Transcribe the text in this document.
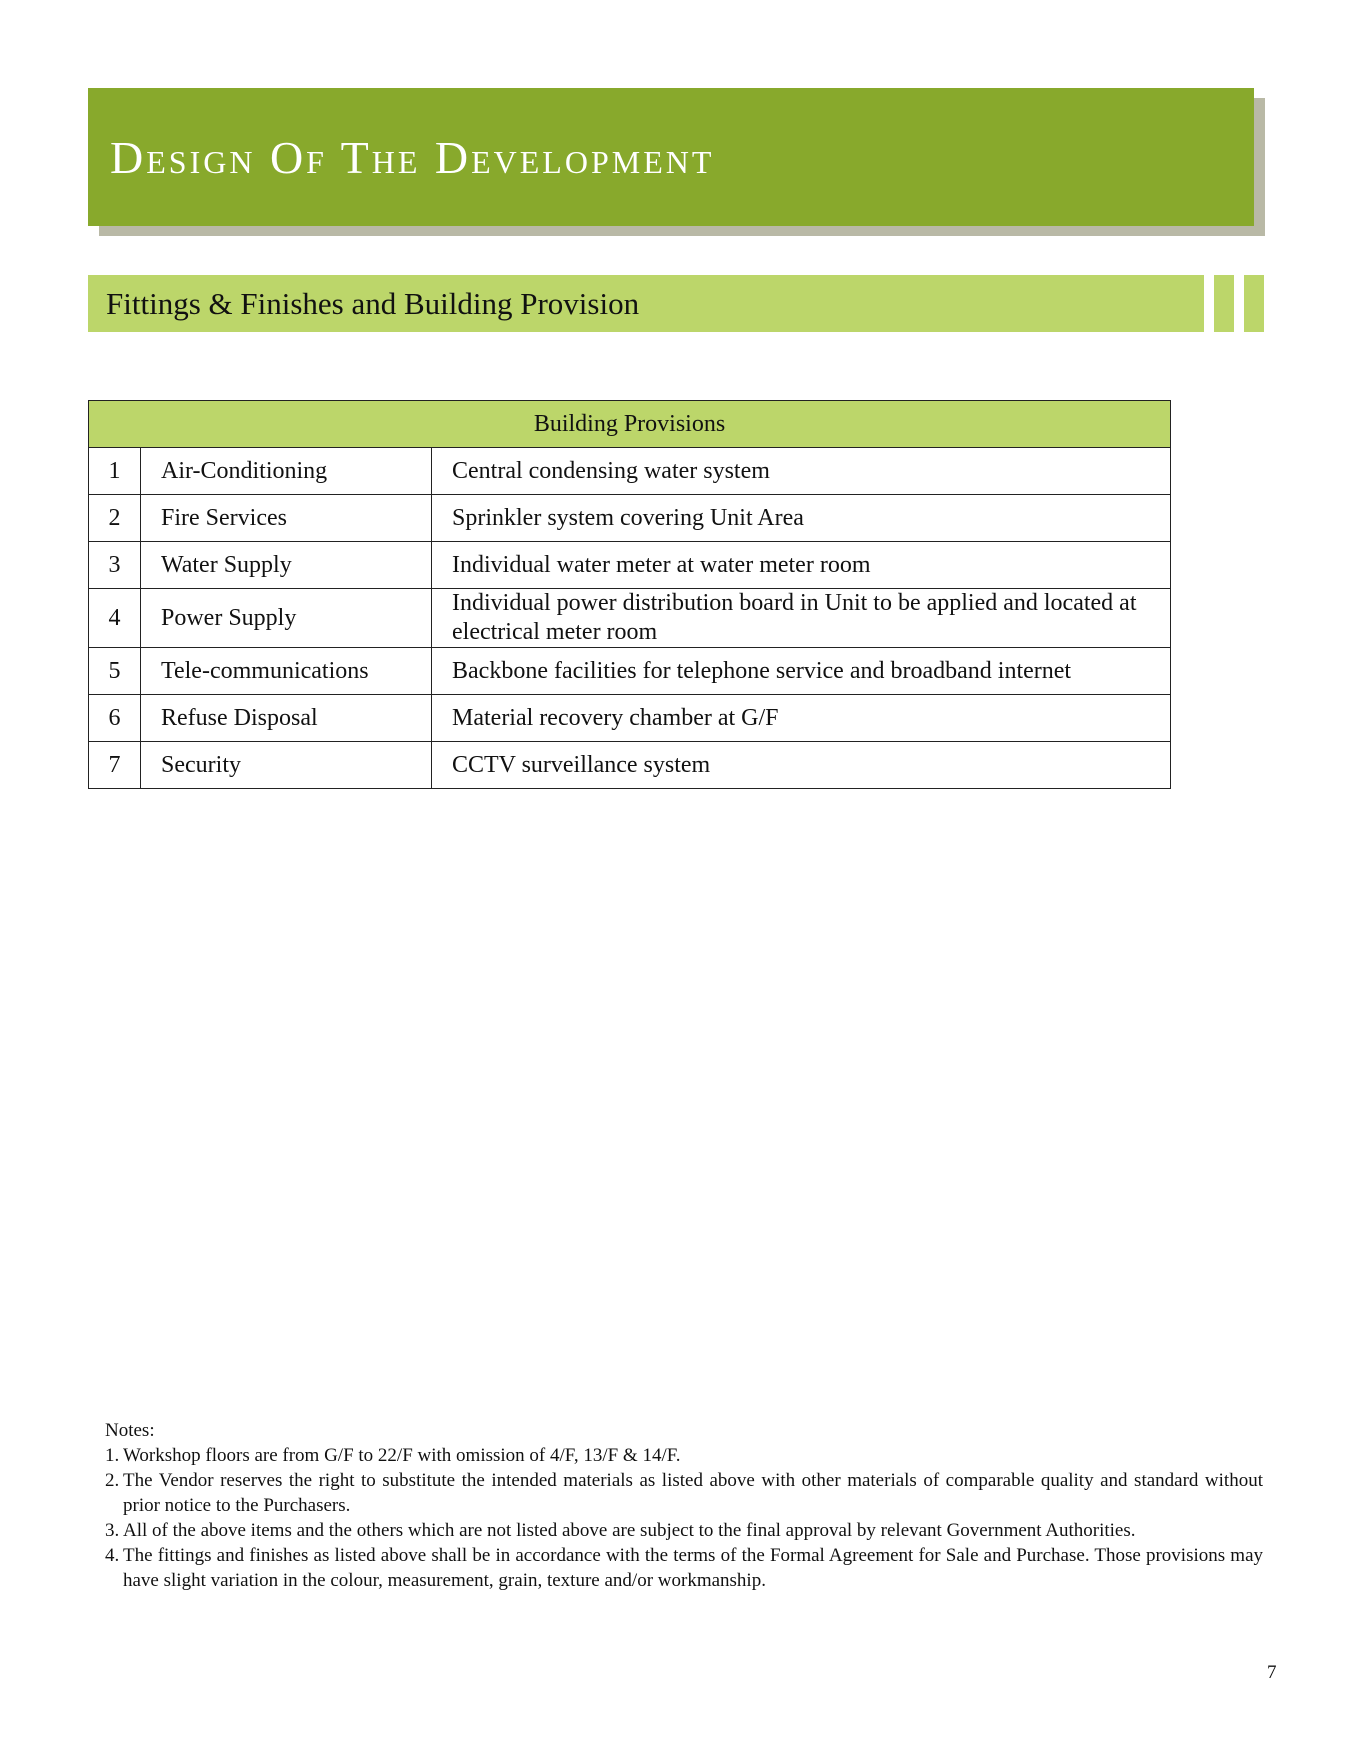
Design Of The Development
Fittings & Finishes and Building Provision
Building Provisions		
1	Air-Conditioning	Central condensing water system
2	Fire Services	Sprinkler system covering Unit Area
3	Water Supply	Individual water meter at water meter room
4	Power Supply	Individual power distribution board in Unit to be applied and located at electrical meter room
5	Tele-communications	Backbone facilities for telephone service and broadband internet
6	Refuse Disposal	Material recovery chamber at G/F
7	Security	CCTV surveillance system
Notes:
1. Workshop floors are from G/F to 22/F with omission of 4/F, 13/F & 14/F.
2. The Vendor reserves the right to substitute the intended materials as listed above with other materials of comparable quality and standard without prior notice to the Purchasers.
3. All of the above items and the others which are not listed above are subject to the final approval by relevant Government Authorities.
4. The fittings and finishes as listed above shall be in accordance with the terms of the Formal Agreement for Sale and Purchase. Those provisions may have slight variation in the colour, measurement, grain, texture and/or workmanship.
7
